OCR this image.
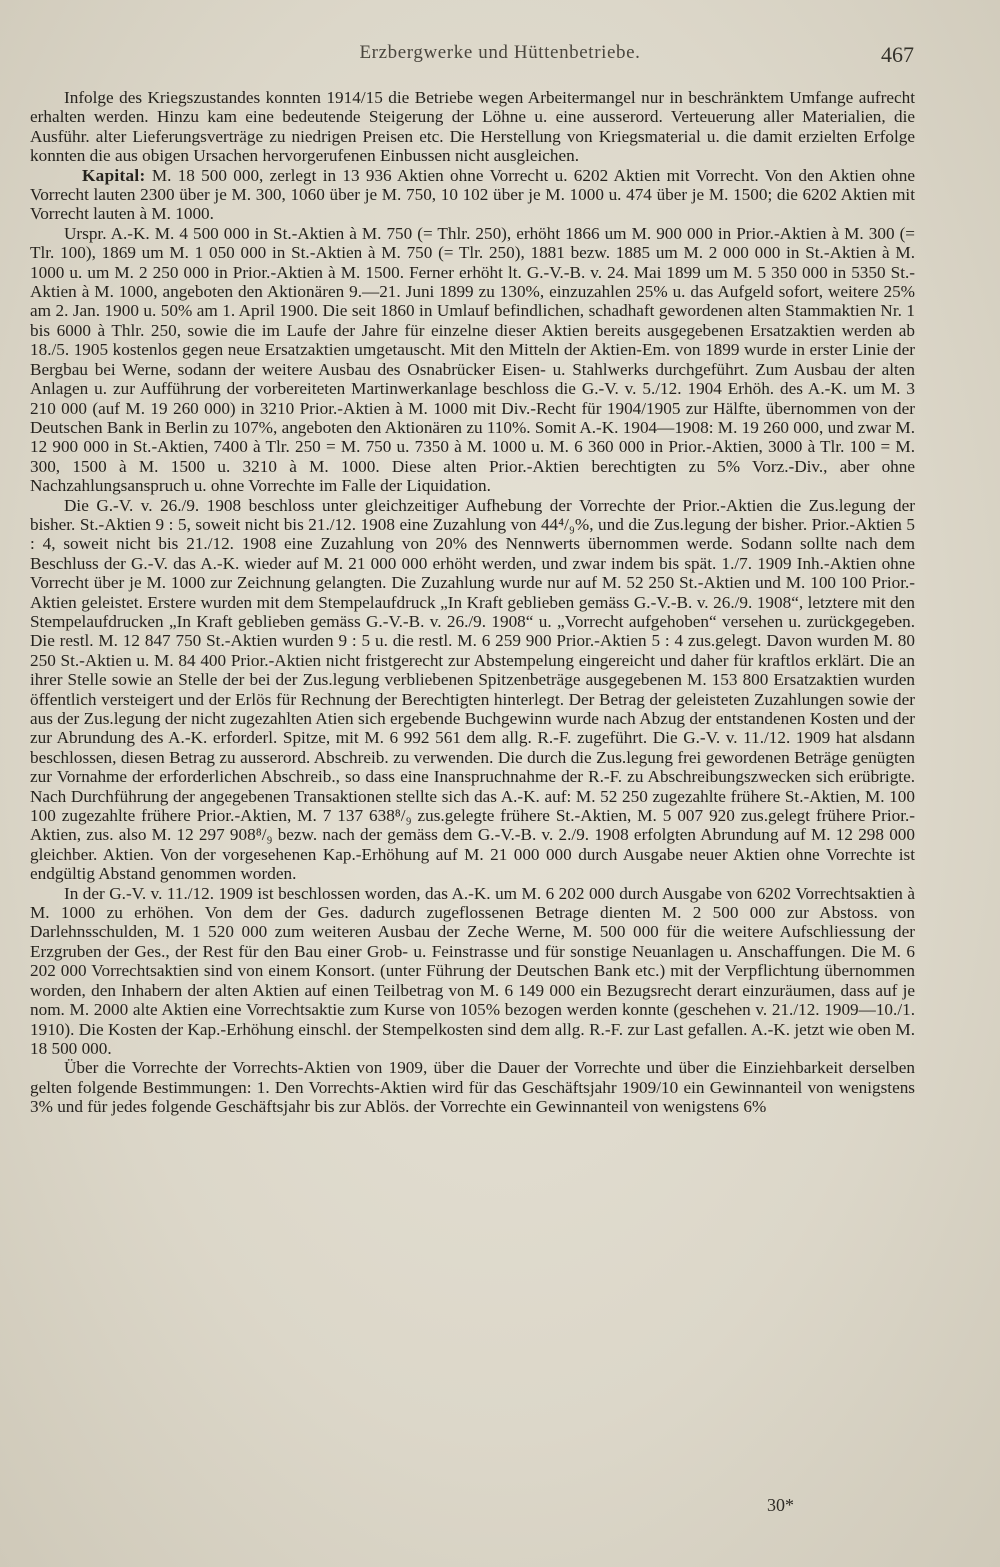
Erzbergwerke und Hüttenbetriebe.	467

Infolge des Kriegszustandes konnten 1914/15 die Betriebe wegen Arbeitermangel nur in beschränktem Umfange aufrecht erhalten werden. Hinzu kam eine bedeutende Steigerung der Löhne u. eine ausserord. Verteuerung aller Materialien, die Ausführ. alter Lieferungsverträge zu niedrigen Preisen etc. Die Herstellung von Kriegsmaterial u. die damit erzielten Erfolge konnten die aus obigen Ursachen hervorgerufenen Einbussen nicht ausgleichen.

Kapital: M. 18 500 000, zerlegt in 13 936 Aktien ohne Vorrecht u. 6202 Aktien mit Vorrecht. Von den Aktien ohne Vorrecht lauten 2300 über je M. 300, 1060 über je M. 750, 10 102 über je M. 1000 u. 474 über je M. 1500; die 6202 Aktien mit Vorrecht lauten à M. 1000.

Urspr. A.-K. M. 4 500 000 in St.-Aktien à M. 750 (= Thlr. 250), erhöht 1866 um M. 900 000 in Prior.-Aktien à M. 300 (= Tlr. 100), 1869 um M. 1 050 000 in St.-Aktien à M. 750 (= Tlr. 250), 1881 bezw. 1885 um M. 2 000 000 in St.-Aktien à M. 1000 u. um M. 2 250 000 in Prior.-Aktien à M. 1500. Ferner erhöht lt. G.-V.-B. v. 24. Mai 1899 um M. 5 350 000 in 5350 St.-Aktien à M. 1000, angeboten den Aktionären 9.—21. Juni 1899 zu 130%, einzuzahlen 25% u. das Aufgeld sofort, weitere 25% am 2. Jan. 1900 u. 50% am 1. April 1900. Die seit 1860 in Umlauf befindlichen, schadhaft gewordenen alten Stammaktien Nr. 1 bis 6000 à Thlr. 250, sowie die im Laufe der Jahre für einzelne dieser Aktien bereits ausgegebenen Ersatzaktien werden ab 18./5. 1905 kostenlos gegen neue Ersatzaktien umgetauscht. Mit den Mitteln der Aktien-Em. von 1899 wurde in erster Linie der Bergbau bei Werne, sodann der weitere Ausbau des Osnabrücker Eisen- u. Stahlwerks durchgeführt. Zum Ausbau der alten Anlagen u. zur Aufführung der vorbereiteten Martinwerkanlage beschloss die G.-V. v. 5./12. 1904 Erhöh. des A.-K. um M. 3 210 000 (auf M. 19 260 000) in 3210 Prior.-Aktien à M. 1000 mit Div.-Recht für 1904/1905 zur Hälfte, übernommen von der Deutschen Bank in Berlin zu 107%, angeboten den Aktionären zu 110%. Somit A.-K. 1904—1908: M. 19 260 000, und zwar M. 12 900 000 in St.-Aktien, 7400 à Tlr. 250 = M. 750 u. 7350 à M. 1000 u. M. 6 360 000 in Prior.-Aktien, 3000 à Tlr. 100 = M. 300, 1500 à M. 1500 u. 3210 à M. 1000. Diese alten Prior.-Aktien berechtigten zu 5% Vorz.-Div., aber ohne Nachzahlungsanspruch u. ohne Vorrechte im Falle der Liquidation.

Die G.-V. v. 26./9. 1908 beschloss unter gleichzeitiger Aufhebung der Vorrechte der Prior.-Aktien die Zus.legung der bisher. St.-Aktien 9 : 5, soweit nicht bis 21./12. 1908 eine Zuzahlung von 44⁴/₉%, und die Zus.legung der bisher. Prior.-Aktien 5 : 4, soweit nicht bis 21./12. 1908 eine Zuzahlung von 20% des Nennwerts übernommen werde. Sodann sollte nach dem Beschluss der G.-V. das A.-K. wieder auf M. 21 000 000 erhöht werden, und zwar indem bis spät. 1./7. 1909 Inh.-Aktien ohne Vorrecht über je M. 1000 zur Zeichnung gelangten. Die Zuzahlung wurde nur auf M. 52 250 St.-Aktien und M. 100 100 Prior.-Aktien geleistet. Erstere wurden mit dem Stempelaufdruck „In Kraft geblieben gemäss G.-V.-B. v. 26./9. 1908“, letztere mit den Stempelaufdrucken „In Kraft geblieben gemäss G.-V.-B. v. 26./9. 1908“ u. „Vorrecht aufgehoben“ versehen u. zurückgegeben. Die restl. M. 12 847 750 St.-Aktien wurden 9 : 5 u. die restl. M. 6 259 900 Prior.-Aktien 5 : 4 zus.gelegt. Davon wurden M. 80 250 St.-Aktien u. M. 84 400 Prior.-Aktien nicht fristgerecht zur Abstempelung eingereicht und daher für kraftlos erklärt. Die an ihrer Stelle sowie an Stelle der bei der Zus.legung verbliebenen Spitzenbeträge ausgegebenen M. 153 800 Ersatzaktien wurden öffentlich versteigert und der Erlös für Rechnung der Berechtigten hinterlegt. Der Betrag der geleisteten Zuzahlungen sowie der aus der Zus.legung der nicht zugezahlten Atien sich ergebende Buchgewinn wurde nach Abzug der entstandenen Kosten und der zur Abrundung des A.-K. erforderl. Spitze, mit M. 6 992 561 dem allg. R.-F. zugeführt. Die G.-V. v. 11./12. 1909 hat alsdann beschlossen, diesen Betrag zu ausserord. Abschreib. zu verwenden. Die durch die Zus.legung frei gewordenen Beträge genügten zur Vornahme der erforderlichen Abschreib., so dass eine Inanspruchnahme der R.-F. zu Abschreibungszwecken sich erübrigte. Nach Durchführung der angegebenen Transaktionen stellte sich das A.-K. auf: M. 52 250 zugezahlte frühere St.-Aktien, M. 100 100 zugezahlte frühere Prior.-Aktien, M. 7 137 638⁸/₉ zus.gelegte frühere St.-Aktien, M. 5 007 920 zus.gelegt frühere Prior.-Aktien, zus. also M. 12 297 908⁸/₉ bezw. nach der gemäss dem G.-V.-B. v. 2./9. 1908 erfolgten Abrundung auf M. 12 298 000 gleichber. Aktien. Von der vorgesehenen Kap.-Erhöhung auf M. 21 000 000 durch Ausgabe neuer Aktien ohne Vorrechte ist endgültig Abstand genommen worden.

In der G.-V. v. 11./12. 1909 ist beschlossen worden, das A.-K. um M. 6 202 000 durch Ausgabe von 6202 Vorrechtsaktien à M. 1000 zu erhöhen. Von dem der Ges. dadurch zugeflossenen Betrage dienten M. 2 500 000 zur Abstoss. von Darlehnsschulden, M. 1 520 000 zum weiteren Ausbau der Zeche Werne, M. 500 000 für die weitere Aufschliessung der Erzgruben der Ges., der Rest für den Bau einer Grob- u. Feinstrasse und für sonstige Neuanlagen u. Anschaffungen. Die M. 6 202 000 Vorrechtsaktien sind von einem Konsort. (unter Führung der Deutschen Bank etc.) mit der Verpflichtung übernommen worden, den Inhabern der alten Aktien auf einen Teilbetrag von M. 6 149 000 ein Bezugsrecht derart einzuräumen, dass auf je nom. M. 2000 alte Aktien eine Vorrechtsaktie zum Kurse von 105% bezogen werden konnte (geschehen v. 21./12. 1909—10./1. 1910). Die Kosten der Kap.-Erhöhung einschl. der Stempelkosten sind dem allg. R.-F. zur Last gefallen. A.-K. jetzt wie oben M. 18 500 000.

Über die Vorrechte der Vorrechts-Aktien von 1909, über die Dauer der Vorrechte und über die Einziehbarkeit derselben gelten folgende Bestimmungen: 1. Den Vorrechts-Aktien wird für das Geschäftsjahr 1909/10 ein Gewinnanteil von wenigstens 3% und für jedes folgende Geschäftsjahr bis zur Ablös. der Vorrechte ein Gewinnanteil von wenigstens 6%

30*
